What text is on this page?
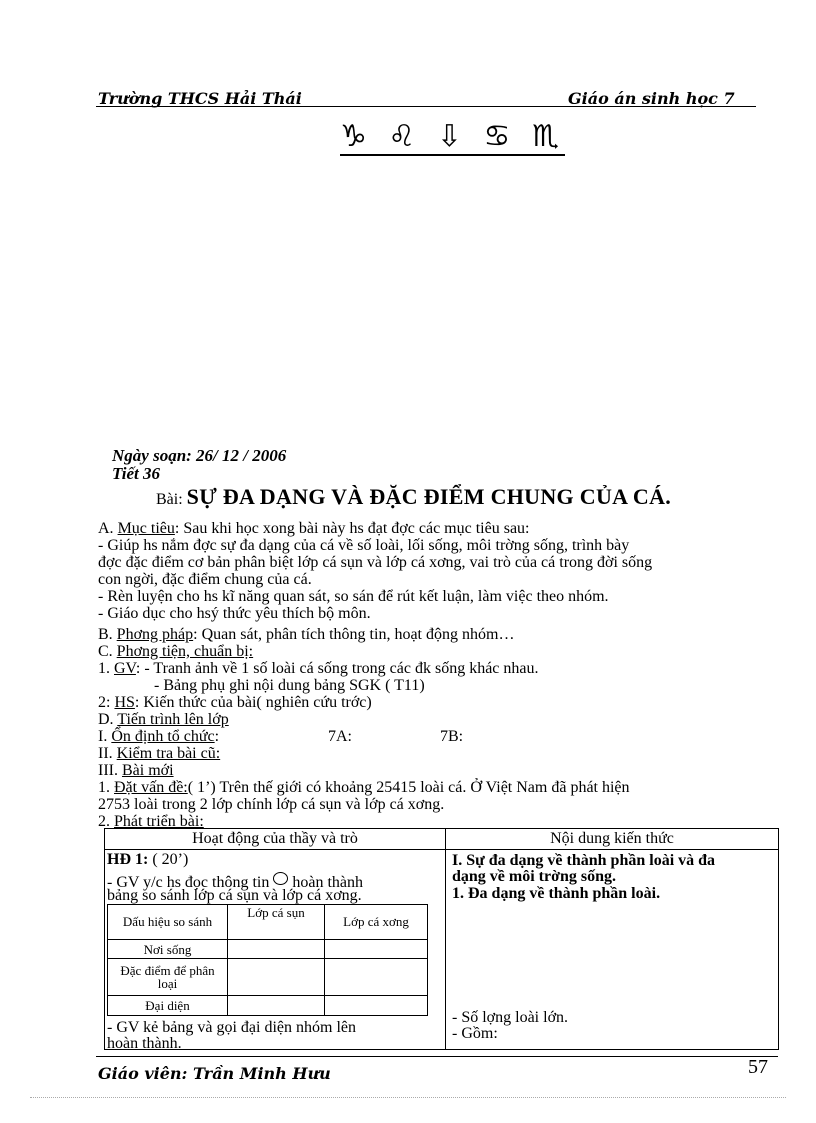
Trường THCS Hải Thái	Giáo án sinh học 7
♑ ♌ ⇩ ♋ ♏
Ngày soạn: 26/ 12 / 2006
Tiết 36
Bài: SỰ ĐA DẠNG VÀ ĐẶC ĐIỂM CHUNG CỦA CÁ.
A. Mục tiêu: Sau khi học xong bài này hs đạt đợc các mục tiêu sau:
- Giúp hs nắm đợc sự đa dạng của cá về số loài, lối sống, môi trờng sống, trình bày
đợc đặc điểm cơ bản phân biệt lớp cá sụn và lớp cá xơng, vai trò của cá trong đời sống
con ngời, đặc điểm chung của cá.
- Rèn luyện cho hs kĩ năng quan sát, so sán để rút kết luận, làm việc theo nhóm.
- Giáo dục cho hsý thức yêu thích bộ môn.
B. Phơng pháp: Quan sát, phân tích thông tin, hoạt động nhóm…
C. Phơng tiện, chuẩn bị:
1. GV: - Tranh ảnh về 1 số loài cá sống trong các đk sống khác nhau.
- Bảng phụ ghi nội dung bảng SGK ( T11)
2: HS: Kiến thức của bài( nghiên cứu trớc)
D. Tiến trình lên lớp
I. Ổn định tổ chức:	7A:	7B:
II. Kiểm tra bài cũ:
III. Bài mới
1. Đặt vấn đề:( 1’) Trên thế giới có khoảng 25415 loài cá. Ở Việt Nam đã phát hiện
2753 loài trong 2 lớp chính lớp cá sụn và lớp cá xơng.
2. Phát triển bài:
Hoạt động của thầy và trò	Nội dung kiến thức

HĐ 1: ( 20’)
- GV y/c hs đọc thông tin  hoàn thành
bảng so sánh lớp cá sụn và lớp cá xơng.
Dấu hiệu so sánh	Lớp cá sụn	Lớp cá xơng
Nơi sống		
Đặc điểm để phân loại		
Đại diện		
- GV kẻ bảng và gọi đại diện nhóm lên
hoàn thành.

I. Sự đa dạng về thành phần loài và đa
dạng về môi trờng sống.
1. Đa dạng về thành phần loài.
- Số lợng loài lớn.
- Gồm:
Giáo viên: Trần Minh Hưu	57
